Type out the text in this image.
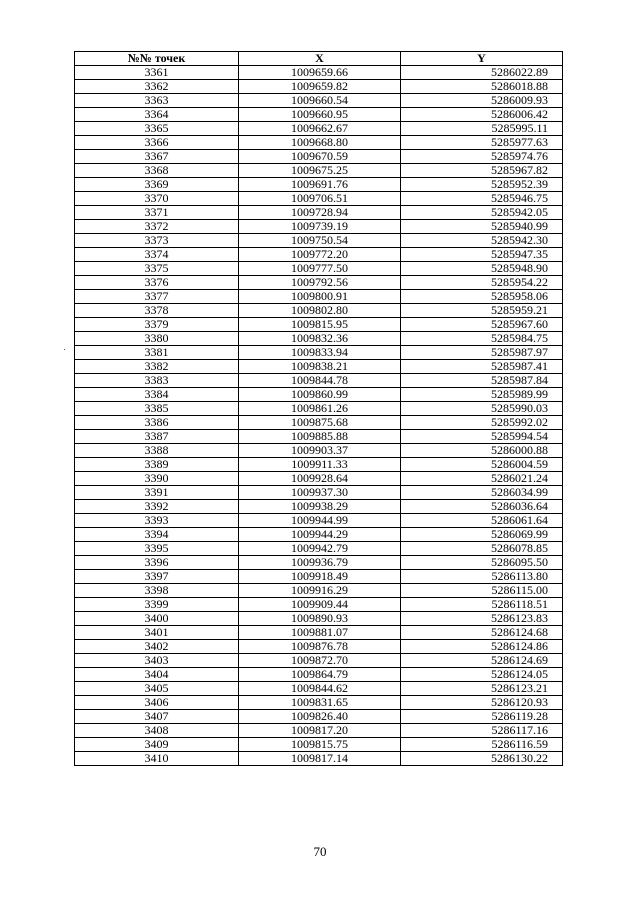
№№ точек	X	Y
3361	1009659.66	5286022.89
3362	1009659.82	5286018.88
3363	1009660.54	5286009.93
3364	1009660.95	5286006.42
3365	1009662.67	5285995.11
3366	1009668.80	5285977.63
3367	1009670.59	5285974.76
3368	1009675.25	5285967.82
3369	1009691.76	5285952.39
3370	1009706.51	5285946.75
3371	1009728.94	5285942.05
3372	1009739.19	5285940.99
3373	1009750.54	5285942.30
3374	1009772.20	5285947.35
3375	1009777.50	5285948.90
3376	1009792.56	5285954.22
3377	1009800.91	5285958.06
3378	1009802.80	5285959.21
3379	1009815.95	5285967.60
3380	1009832.36	5285984.75
3381	1009833.94	5285987.97
3382	1009838.21	5285987.41
3383	1009844.78	5285987.84
3384	1009860.99	5285989.99
3385	1009861.26	5285990.03
3386	1009875.68	5285992.02
3387	1009885.88	5285994.54
3388	1009903.37	5286000.88
3389	1009911.33	5286004.59
3390	1009928.64	5286021.24
3391	1009937.30	5286034.99
3392	1009938.29	5286036.64
3393	1009944.99	5286061.64
3394	1009944.29	5286069.99
3395	1009942.79	5286078.85
3396	1009936.79	5286095.50
3397	1009918.49	5286113.80
3398	1009916.29	5286115.00
3399	1009909.44	5286118.51
3400	1009890.93	5286123.83
3401	1009881.07	5286124.68
3402	1009876.78	5286124.86
3403	1009872.70	5286124.69
3404	1009864.79	5286124.05
3405	1009844.62	5286123.21
3406	1009831.65	5286120.93
3407	1009826.40	5286119.28
3408	1009817.20	5286117.16
3409	1009815.75	5286116.59
3410	1009817.14	5286130.22
70
